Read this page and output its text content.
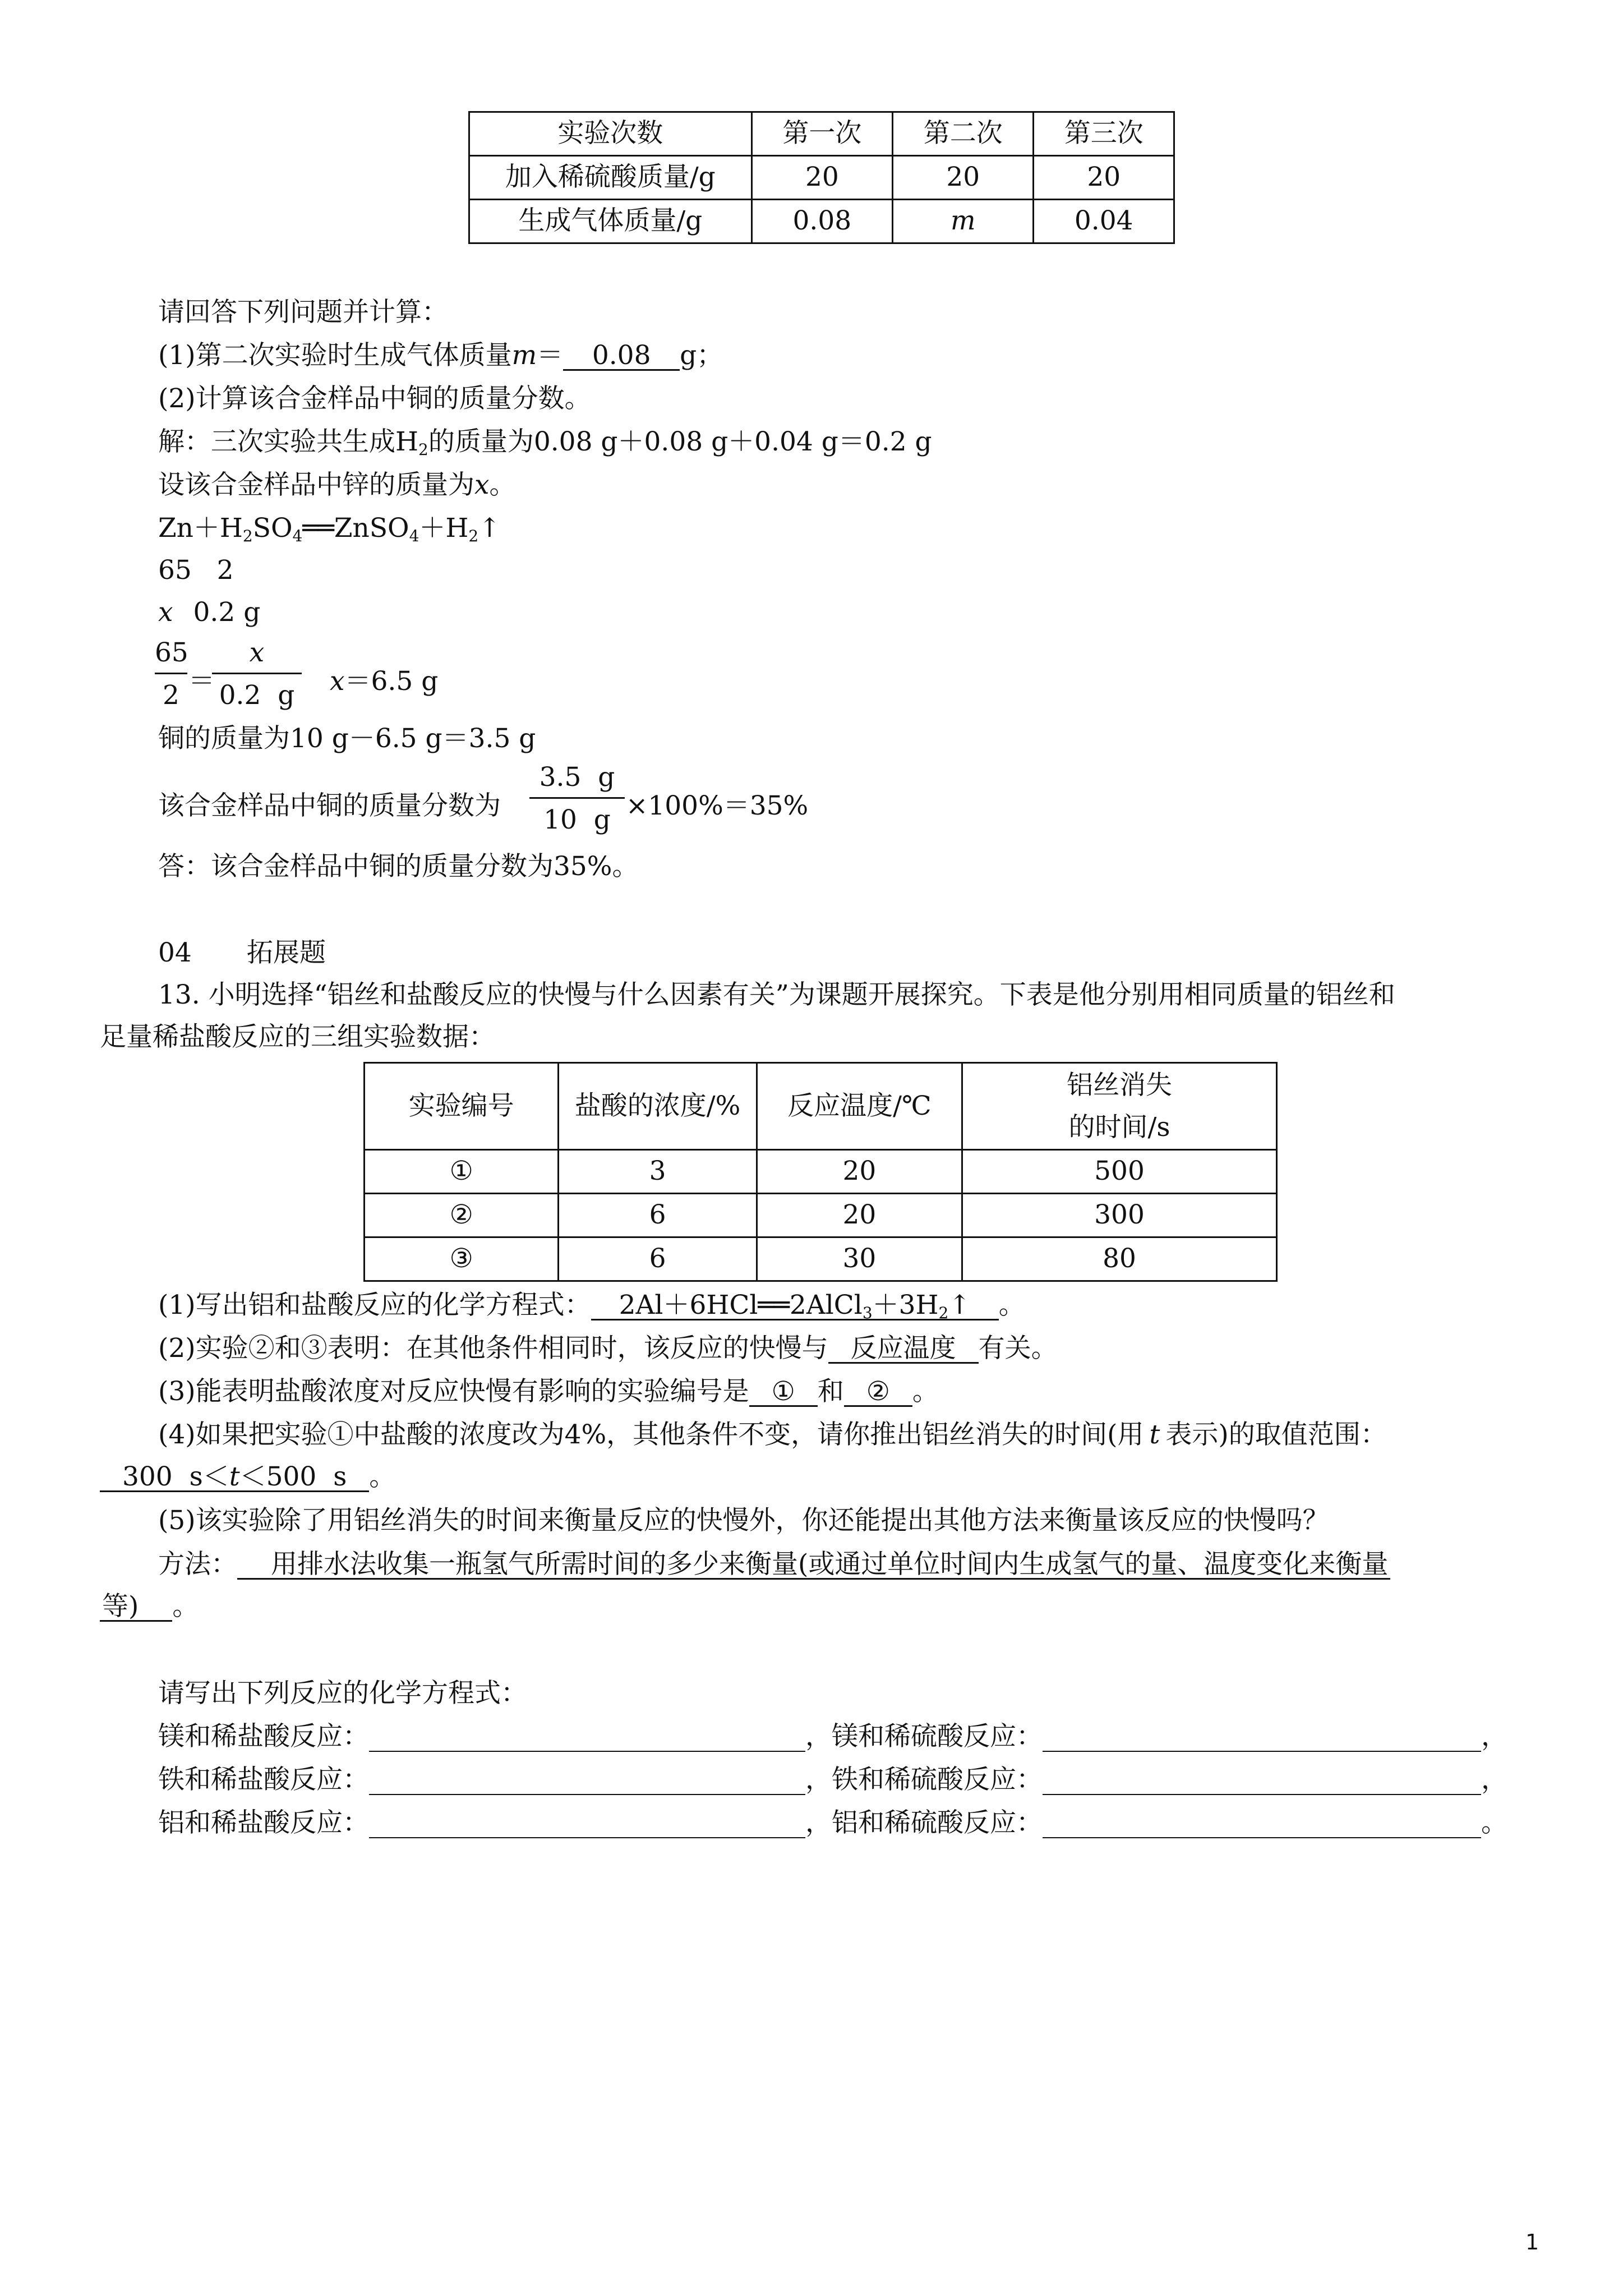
实验次数	第一次	第二次	第三次
加入稀硫酸质量/g	20	20	20
生成气体质量/g	0.08	m	0.04
请回答下列问题并计算：
(1)第二次实验时生成气体质量m＝ 0.08 g；
(2)计算该合金样品中铜的质量分数。
解：三次实验共生成$H_2$的质量为0.08 g＋0.08 g＋0.04 g＝0.2 g
设该合金样品中锌的质量为x。
$Zn+H_2SO_4══ZnSO_4+H_2↑$
65   2
x 0.2 g
$\frac{65}{2}$ ＝
$\frac{x}{0.2 g} x=6.5$ g
铜的质量为10 g－6.5 g＝3.5 g
该合金样品中铜的质量分数为 $\frac{3.5 g}{10 g} \times 100\%=35\%$
答：该合金样品中铜的质量分数为35%。
04 拓展题
13. 小明选择“铝丝和盐酸反应的快慢与什么因素有关”为课题开展探究。下表是他分别用相同质量的铝丝和
足量稀盐酸反应的三组实验数据：
实验编号	盐酸的浓度/%	反应温度/℃	铝丝消失
的时间/s

①	3	20	500
②	6	20	300
③	6	30	80
(1)写出铝和盐酸反应的化学方程式： $2Al+6HCl══2AlCl_3+3H_2↑$ 。
(2)实验②和③表明：在其他条件相同时，该反应的快慢与 反应温度 有关。
(3)能表明盐酸浓度对反应快慢有影响的实验编号是 ① 和 ② 。
(4)如果把实验①中盐酸的浓度改为4%，其他条件不变，请你推出铝丝消失的时间(用 t 表示)的取值范围：
300  s＜t＜500  s 。
(5)该实验除了用铝丝消失的时间来衡量反应的快慢外，你还能提出其他方法来衡量该反应的快慢吗？
方法： 用排水法收集一瓶氢气所需时间的多少来衡量(或通过单位时间内生成氢气的量、温度变化来衡量
等) 。
请写出下列反应的化学方程式：
镁和稀盐酸反应：	，镁和稀硫酸反应：	，
铁和稀盐酸反应：	，铁和稀硫酸反应：	，
铝和稀盐酸反应：	，铝和稀硫酸反应：	。
1
